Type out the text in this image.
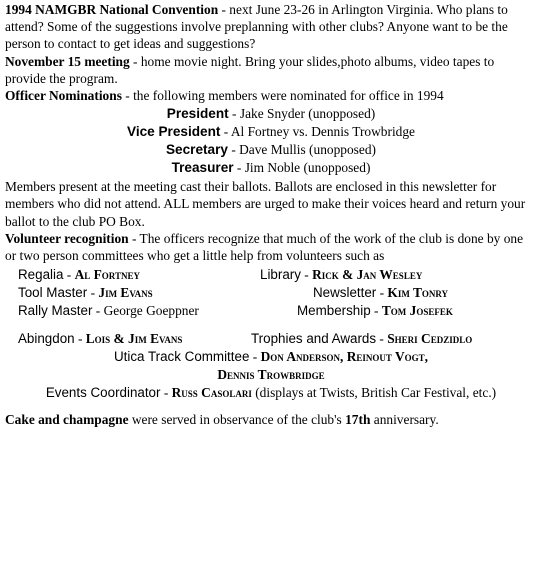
1994 NAMGBR National Convention - next June 23-26 in Arlington Virginia. Who plans to attend? Some of the suggestions involve preplanning with other clubs? Anyone want to be the person to contact to get ideas and suggestions?

November 15 meeting - home movie night. Bring your slides,photo albums, video tapes to provide the program.

Officer Nominations - the following members were nominated for office in 1994

President - Jake Snyder (unopposed)
Vice President - Al Fortney vs. Dennis Trowbridge
Secretary - Dave Mullis (unopposed)
Treasurer - Jim Noble (unopposed)

Members present at the meeting cast their ballots. Ballots are enclosed in this newsletter for members who did not attend. ALL members are urged to make their voices heard and return your ballot to the club PO Box.

Volunteer recognition - The officers recognize that much of the work of the club is done by one or two person committees who get a little help from volunteers such as

Regalia - Al Fortney	Library - Rick & Jan Wesley
Tool Master - Jim Evans	Newsletter - Kim Tonry
Rally Master - George Goeppner	Membership - Tom Josefek
Abingdon - Lois & Jim Evans	Trophies and Awards - Sheri Cedzidlo
Utica Track Committee - Don Anderson, Reinout Vogt,
Dennis Trowbridge
Events Coordinator - Russ Casolari (displays at Twists, British Car Festival, etc.)

Cake and champagne were served in observance of the club's 17th anniversary.
